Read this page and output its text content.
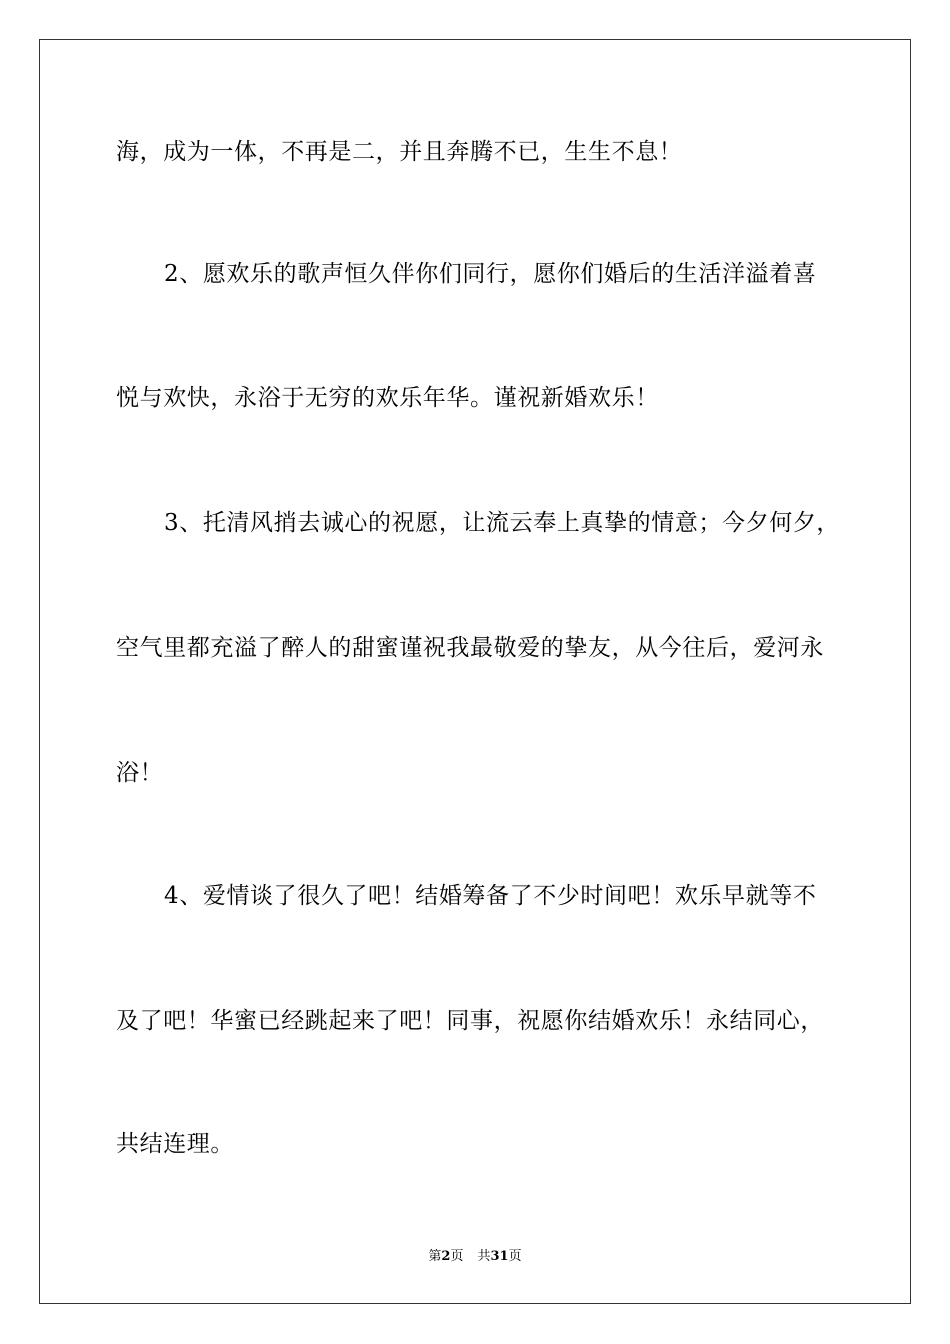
海，成为一体，不再是二，并且奔腾不已，生生不息！
2、愿欢乐的歌声恒久伴你们同行，愿你们婚后的生活洋溢着喜
悦与欢快，永浴于无穷的欢乐年华。谨祝新婚欢乐！
3、托清风捎去诚心的祝愿，让流云奉上真挚的情意；今夕何夕，
空气里都充溢了醉人的甜蜜谨祝我最敬爱的挚友，从今往后，爱河永
浴！
4、爱情谈了很久了吧！结婚筹备了不少时间吧！欢乐早就等不
及了吧！华蜜已经跳起来了吧！同事，祝愿你结婚欢乐！永结同心，
共结连理。
第2页 共31页
